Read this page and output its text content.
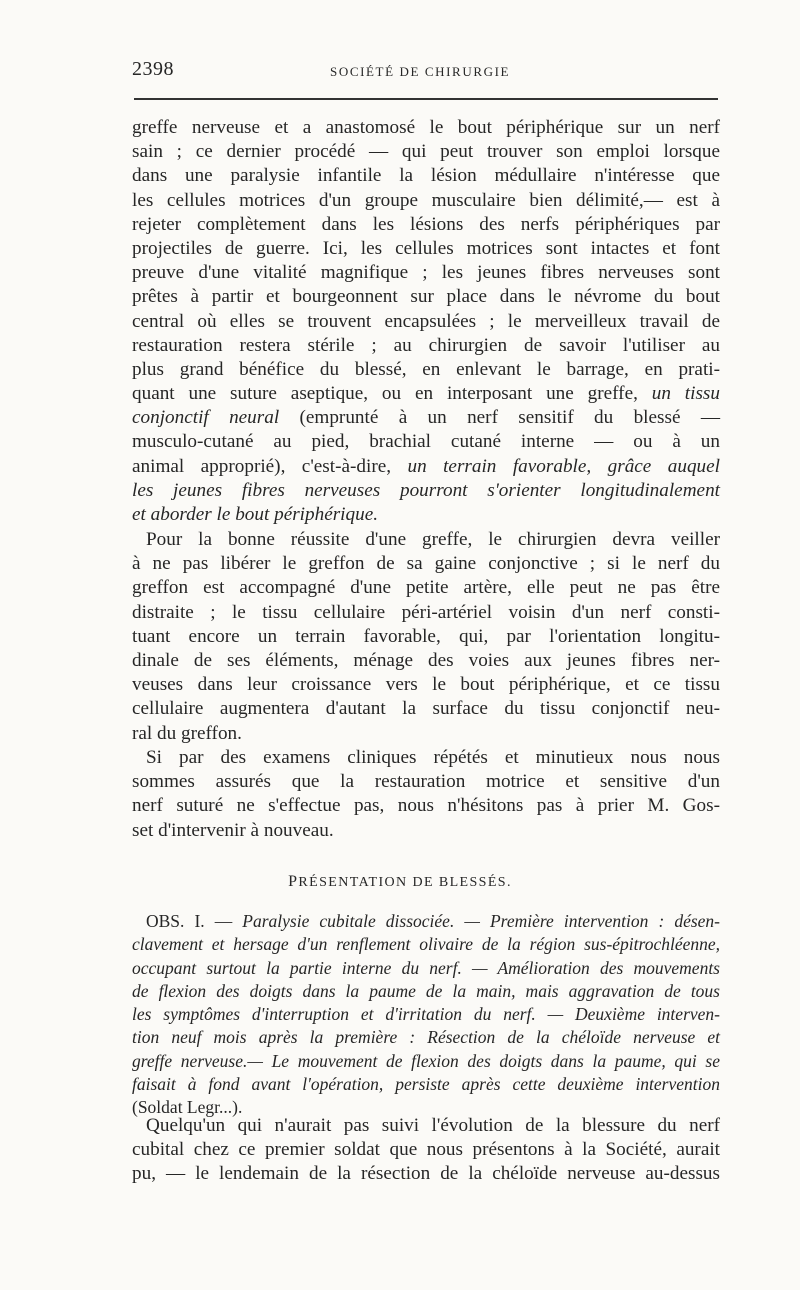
2398	SOCIÉTÉ DE CHIRURGIE
greffe nerveuse et a anastomosé le bout périphérique sur un nerf
sain ; ce dernier procédé — qui peut trouver son emploi lorsque
dans une paralysie infantile la lésion médullaire n'intéresse que
les cellules motrices d'un groupe musculaire bien délimité,— est à
rejeter complètement dans les lésions des nerfs périphériques par
projectiles de guerre. Ici, les cellules motrices sont intactes et font
preuve d'une vitalité magnifique ; les jeunes fibres nerveuses sont
prêtes à partir et bourgeonnent sur place dans le névrome du bout
central où elles se trouvent encapsulées ; le merveilleux travail de
restauration restera stérile ; au chirurgien de savoir l'utiliser au
plus grand bénéfice du blessé, en enlevant le barrage, en prati-
quant une suture aseptique, ou en interposant une greffe, un tissu
conjonctif neural (emprunté à un nerf sensitif du blessé —
musculo-cutané au pied, brachial cutané interne — ou à un
animal approprié), c'est-à-dire, un terrain favorable, grâce auquel
les jeunes fibres nerveuses pourront s'orienter longitudinalement
et aborder le bout périphérique.
Pour la bonne réussite d'une greffe, le chirurgien devra veiller
à ne pas libérer le greffon de sa gaine conjonctive ; si le nerf du
greffon est accompagné d'une petite artère, elle peut ne pas être
distraite ; le tissu cellulaire péri-artériel voisin d'un nerf consti-
tuant encore un terrain favorable, qui, par l'orientation longitu-
dinale de ses éléments, ménage des voies aux jeunes fibres ner-
veuses dans leur croissance vers le bout périphérique, et ce tissu
cellulaire augmentera d'autant la surface du tissu conjonctif neu-
ral du greffon.
Si par des examens cliniques répétés et minutieux nous nous
sommes assurés que la restauration motrice et sensitive d'un
nerf suturé ne s'effectue pas, nous n'hésitons pas à prier M. Gos-
set d'intervenir à nouveau.
PRÉSENTATION DE BLESSÉS.
OBS. I. — Paralysie cubitale dissociée. — Première intervention : désen-
clavement et hersage d'un renflement olivaire de la région sus-épitrochléenne,
occupant surtout la partie interne du nerf. — Amélioration des mouvements
de flexion des doigts dans la paume de la main, mais aggravation de tous
les symptômes d'interruption et d'irritation du nerf. — Deuxième interven-
tion neuf mois après la première : Résection de la chéloïde nerveuse et
greffe nerveuse.— Le mouvement de flexion des doigts dans la paume, qui se
faisait à fond avant l'opération, persiste après cette deuxième intervention
(Soldat Legr...).
Quelqu'un qui n'aurait pas suivi l'évolution de la blessure du nerf
cubital chez ce premier soldat que nous présentons à la Société, aurait
pu, — le lendemain de la résection de la chéloïde nerveuse au-dessus
